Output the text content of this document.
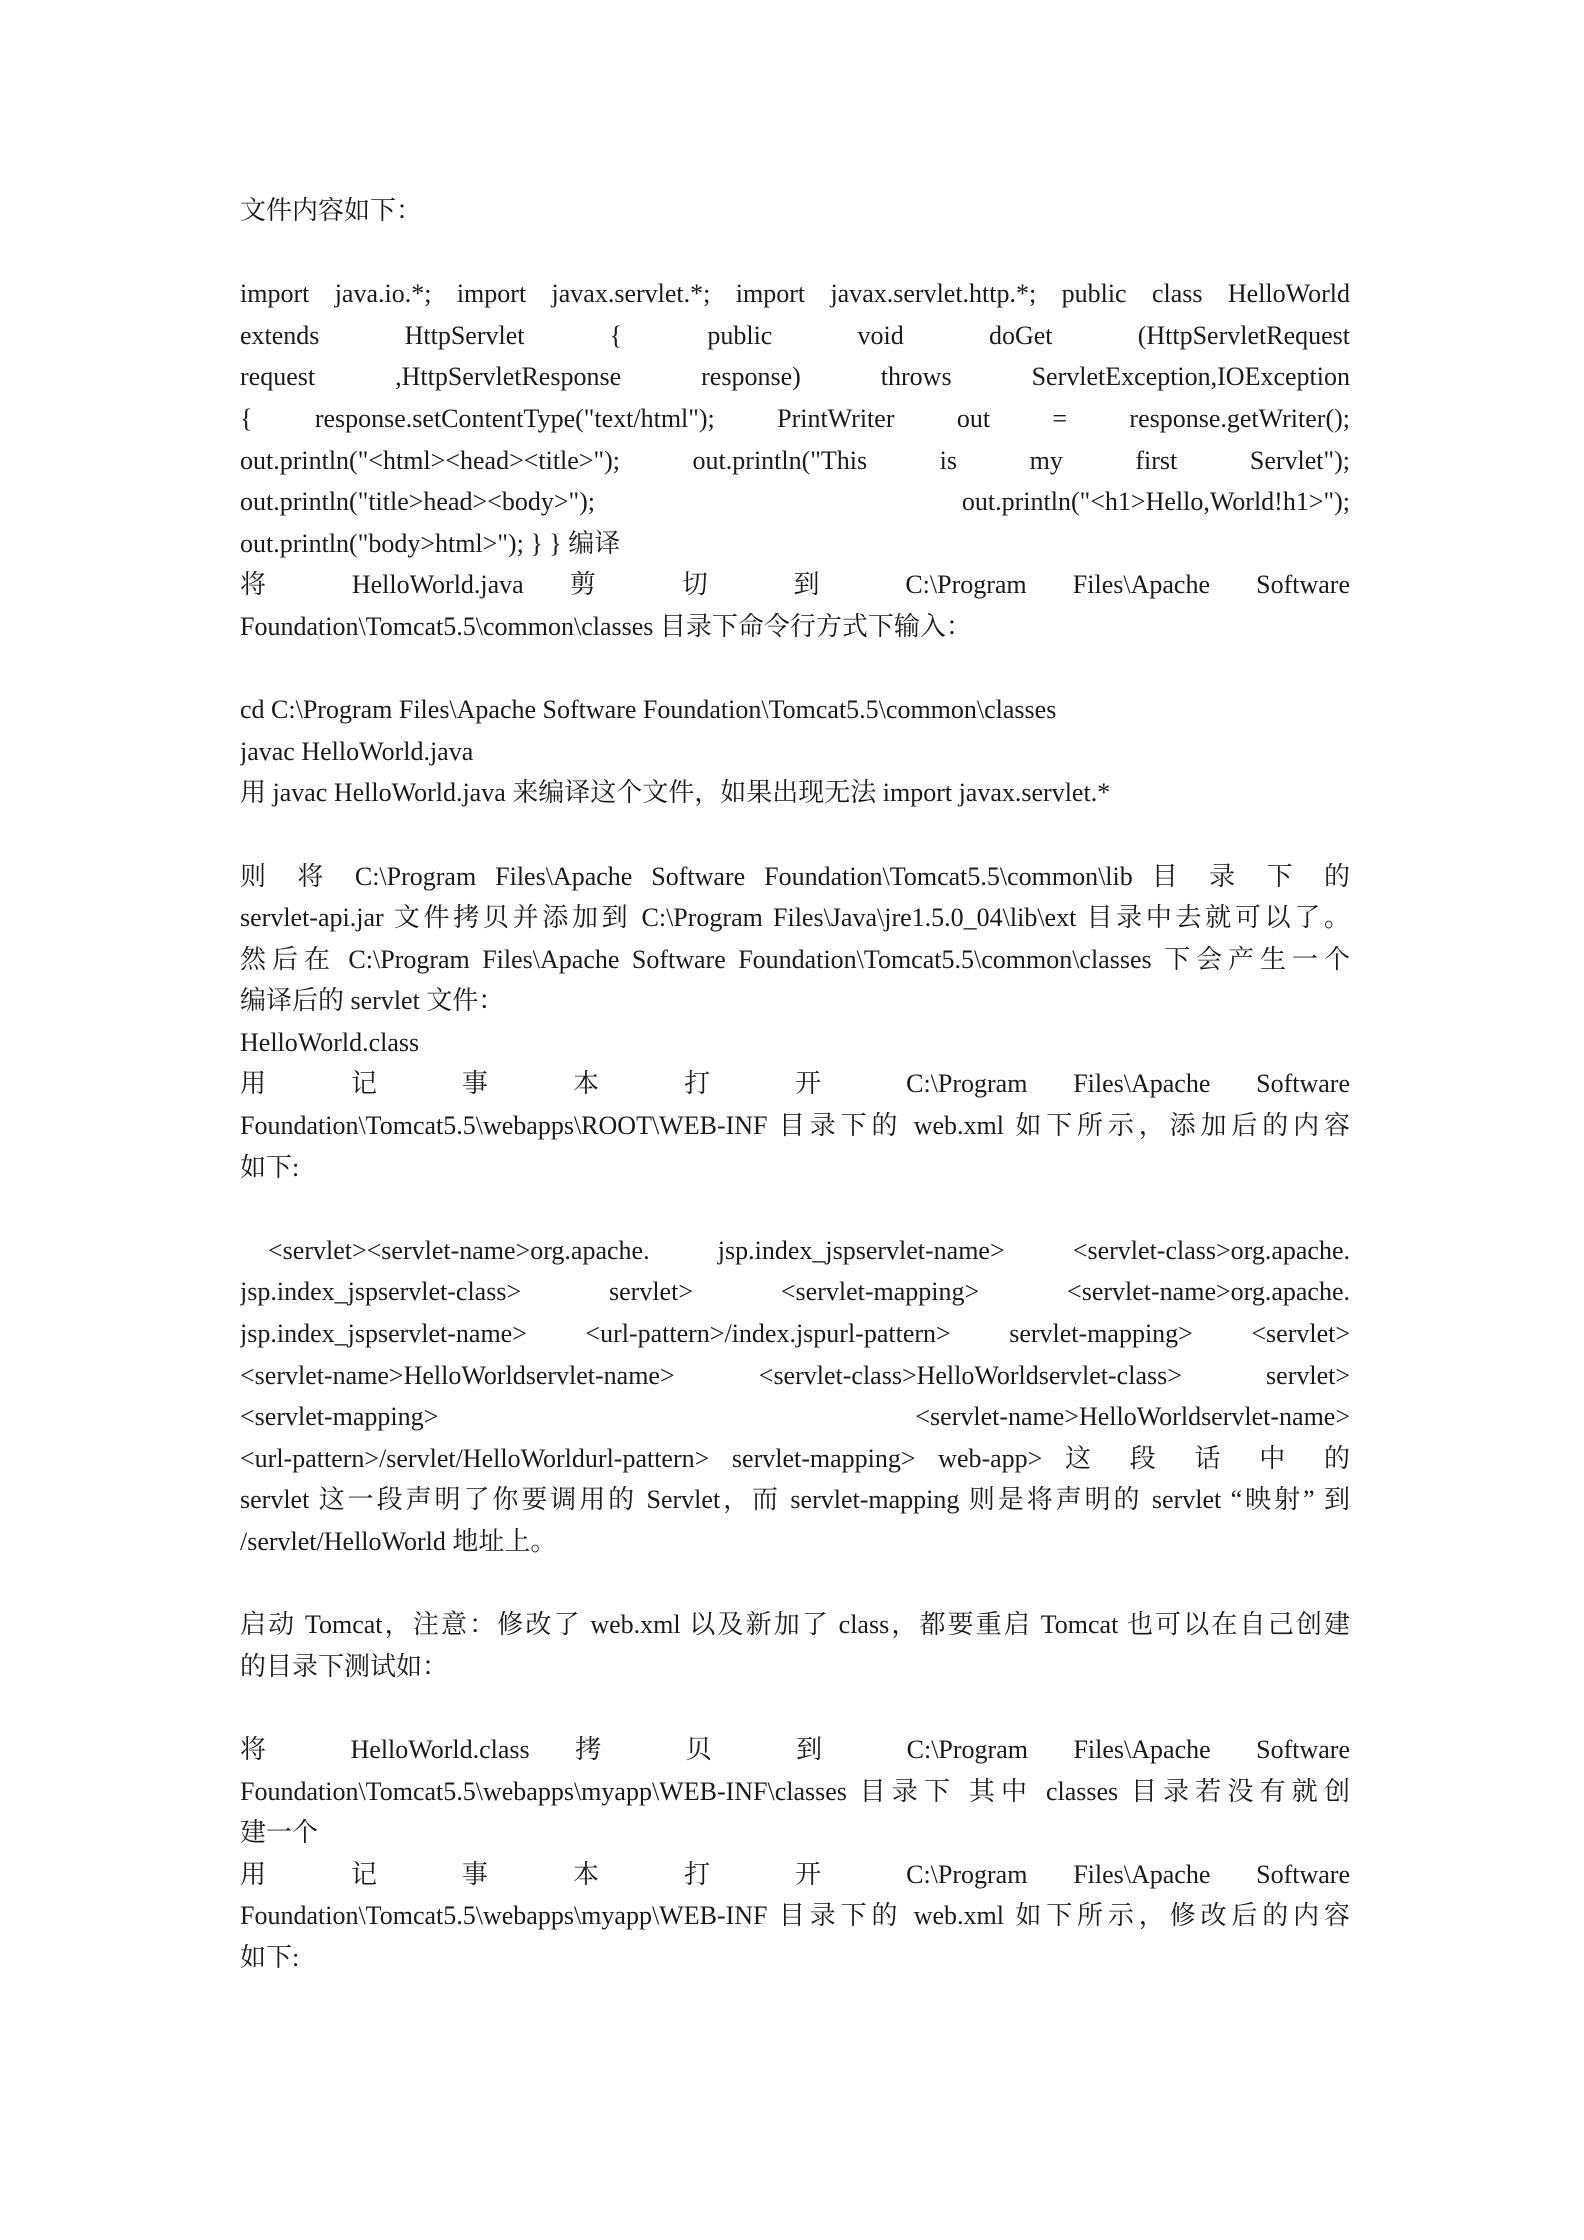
文件内容如下：
import java.io.*; import javax.servlet.*; import javax.servlet.http.*; public class HelloWorld
extends HttpServlet { public void doGet (HttpServletRequest
request ,HttpServletResponse response) throws ServletException,IOException
{ response.setContentType("text/html"); PrintWriter out = response.getWriter();
out.println("<html><head><title>"); out.println("This is my first Servlet");
out.println("title>head><body>"); out.println("<h1>Hello,World!h1>");
out.println("body>html>"); } } 编译
将 HelloWorld.java 剪 切 到 C:\Program Files\Apache Software
Foundation\Tomcat5.5\common\classes 目录下命令行方式下输入：
cd C:\Program Files\Apache Software Foundation\Tomcat5.5\common\classes
javac HelloWorld.java
用 javac HelloWorld.java 来编译这个文件，如果出现无法 import javax.servlet.*
则 将 C:\Program Files\Apache Software Foundation\Tomcat5.5\common\lib 目 录 下 的
servlet-api.jar 文件拷贝并添加到 C:\Program Files\Java\jre1.5.0_04\lib\ext 目录中去就可以了。
然后在 C:\Program Files\Apache Software Foundation\Tomcat5.5\common\classes 下会产生一个
编译后的 servlet 文件：
HelloWorld.class
用 记 事 本 打 开 C:\Program Files\Apache Software
Foundation\Tomcat5.5\webapps\ROOT\WEB-INF 目录下的 web.xml 如下所示，添加后的内容
如下:
<servlet><servlet-name>org.apache. jsp.index_jspservlet-name> <servlet-class>org.apache.
jsp.index_jspservlet-class> servlet> <servlet-mapping> <servlet-name>org.apache.
jsp.index_jspservlet-name> <url-pattern>/index.jspurl-pattern> servlet-mapping> <servlet>
<servlet-name>HelloWorldservlet-name> <servlet-class>HelloWorldservlet-class> servlet>
<servlet-mapping> <servlet-name>HelloWorldservlet-name>
<url-pattern>/servlet/HelloWorldurl-pattern> servlet-mapping> web-app> 这 段 话 中 的
servlet 这一段声明了你要调用的 Servlet，而 servlet-mapping 则是将声明的 servlet “映射” 到
/servlet/HelloWorld 地址上。
启动 Tomcat，注意：修改了 web.xml 以及新加了 class，都要重启 Tomcat 也可以在自己创建
的目录下测试如：
将 HelloWorld.class 拷 贝 到 C:\Program Files\Apache Software
Foundation\Tomcat5.5\webapps\myapp\WEB-INF\classes 目录下 其中 classes 目录若没有就创
建一个
用 记 事 本 打 开 C:\Program Files\Apache Software
Foundation\Tomcat5.5\webapps\myapp\WEB-INF 目录下的 web.xml 如下所示，修改后的内容
如下:
